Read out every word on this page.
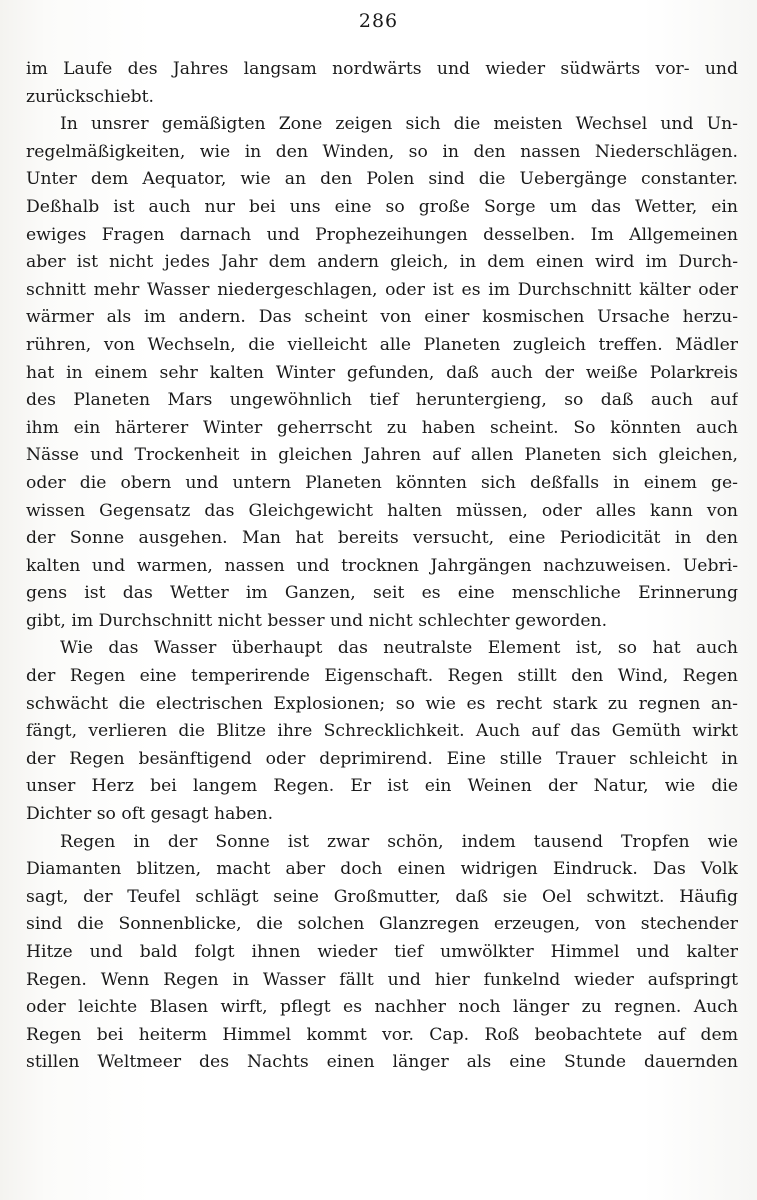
286
im Laufe des Jahres langsam nordwärts und wieder südwärts vor- und
zurückschiebt.
In unsrer gemäßigten Zone zeigen sich die meisten Wechsel und Un-
regelmäßigkeiten, wie in den Winden, so in den nassen Niederschlägen.
Unter dem Aequator, wie an den Polen sind die Uebergänge constanter.
Deßhalb ist auch nur bei uns eine so große Sorge um das Wetter, ein
ewiges Fragen darnach und Prophezeihungen desselben. Im Allgemeinen
aber ist nicht jedes Jahr dem andern gleich, in dem einen wird im Durch-
schnitt mehr Wasser niedergeschlagen, oder ist es im Durchschnitt kälter oder
wärmer als im andern. Das scheint von einer kosmischen Ursache herzu-
rühren, von Wechseln, die vielleicht alle Planeten zugleich treffen. Mädler
hat in einem sehr kalten Winter gefunden, daß auch der weiße Polarkreis
des Planeten Mars ungewöhnlich tief heruntergieng, so daß auch auf
ihm ein härterer Winter geherrscht zu haben scheint. So könnten auch
Nässe und Trockenheit in gleichen Jahren auf allen Planeten sich gleichen,
oder die obern und untern Planeten könnten sich deßfalls in einem ge-
wissen Gegensatz das Gleichgewicht halten müssen, oder alles kann von
der Sonne ausgehen. Man hat bereits versucht, eine Periodicität in den
kalten und warmen, nassen und trocknen Jahrgängen nachzuweisen. Uebri-
gens ist das Wetter im Ganzen, seit es eine menschliche Erinnerung
gibt, im Durchschnitt nicht besser und nicht schlechter geworden.
Wie das Wasser überhaupt das neutralste Element ist, so hat auch
der Regen eine temperirende Eigenschaft. Regen stillt den Wind, Regen
schwächt die electrischen Explosionen; so wie es recht stark zu regnen an-
fängt, verlieren die Blitze ihre Schrecklichkeit. Auch auf das Gemüth wirkt
der Regen besänftigend oder deprimirend. Eine stille Trauer schleicht in
unser Herz bei langem Regen. Er ist ein Weinen der Natur, wie die
Dichter so oft gesagt haben.
Regen in der Sonne ist zwar schön, indem tausend Tropfen wie
Diamanten blitzen, macht aber doch einen widrigen Eindruck. Das Volk
sagt, der Teufel schlägt seine Großmutter, daß sie Oel schwitzt. Häufig
sind die Sonnenblicke, die solchen Glanzregen erzeugen, von stechender
Hitze und bald folgt ihnen wieder tief umwölkter Himmel und kalter
Regen. Wenn Regen in Wasser fällt und hier funkelnd wieder aufspringt
oder leichte Blasen wirft, pflegt es nachher noch länger zu regnen. Auch
Regen bei heiterm Himmel kommt vor. Cap. Roß beobachtete auf dem
stillen Weltmeer des Nachts einen länger als eine Stunde dauernden
